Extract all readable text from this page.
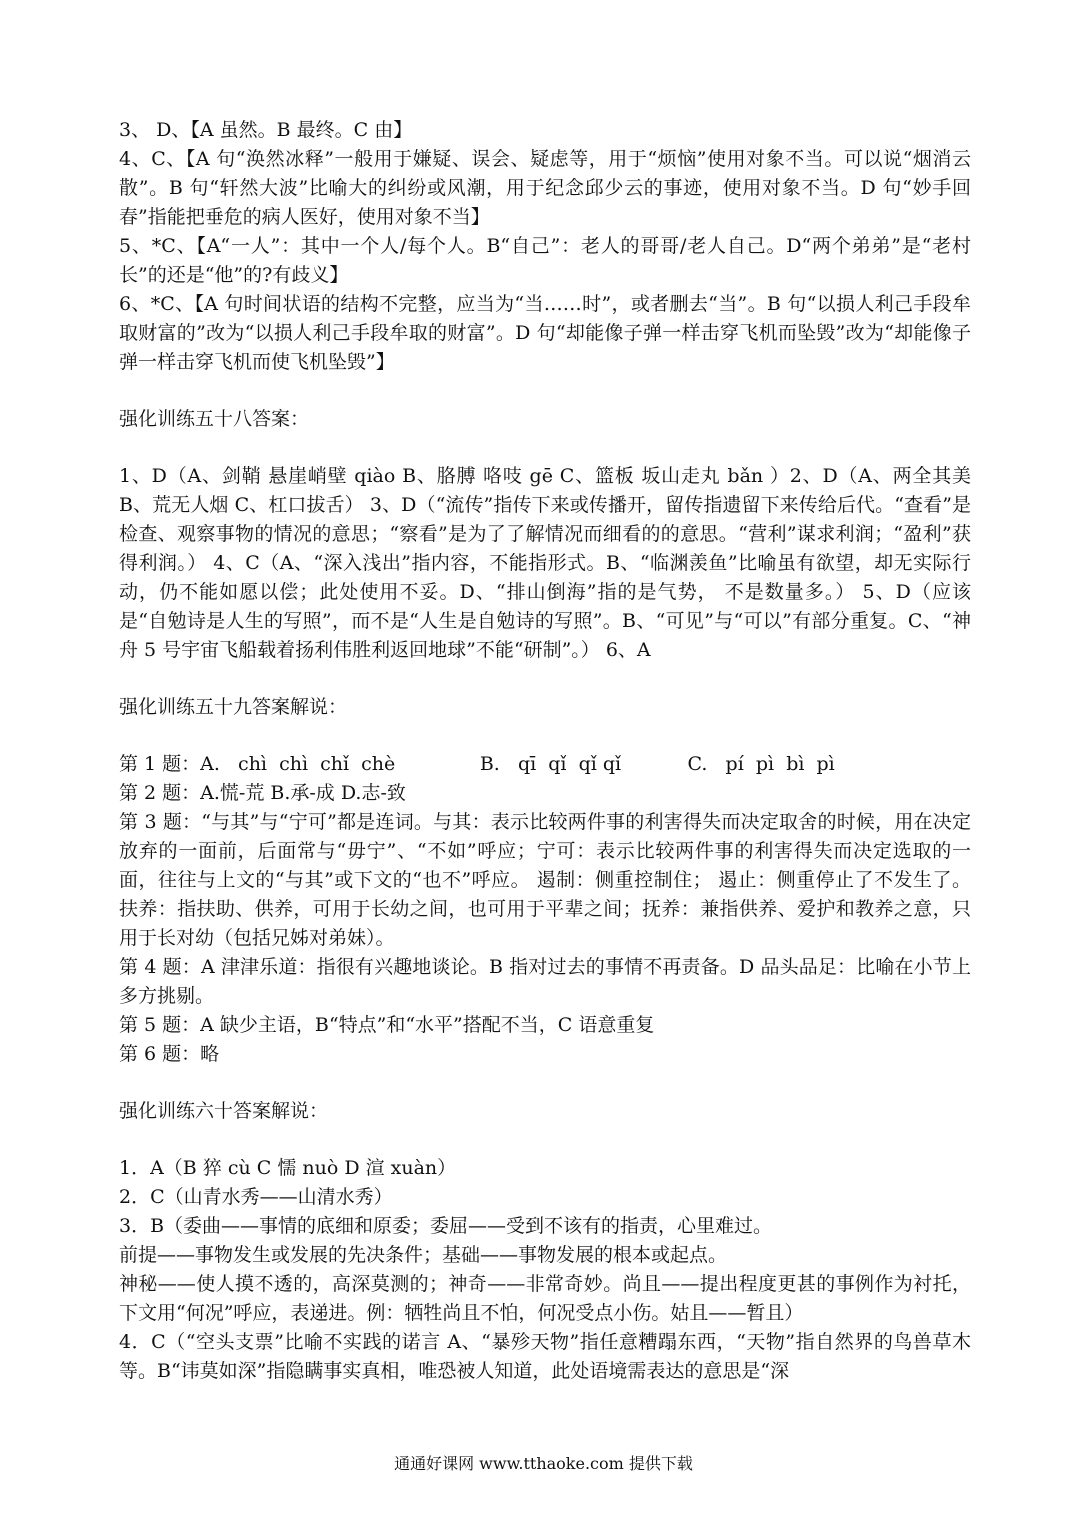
3、 D、【A 虽然。B 最终。C 由】

4、C、【A 句“涣然冰释”一般用于嫌疑、误会、疑虑等，用于“烦恼”使用对象不当。可以说“烟消云散”。B 句“轩然大波”比喻大的纠纷或风潮，用于纪念邱少云的事迹，使用对象不当。D 句“妙手回春”指能把垂危的病人医好，使用对象不当】

5、*C、【A“一人”：其中一个人/每个人。B“自己”：老人的哥哥/老人自己。D“两个弟弟”是“老村长”的还是“他”的?有歧义】

6、*C、【A 句时间状语的结构不完整，应当为“当……时”，或者删去“当”。B 句“以损人利己手段牟取财富的”改为“以损人利己手段牟取的财富”。D 句“却能像子弹一样击穿飞机而坠毁”改为“却能像子弹一样击穿飞机而使飞机坠毁”】

强化训练五十八答案：

1、D（A、剑鞘 悬崖峭壁 qiào B、胳膊 咯吱 gē C、篮板 坂山走丸 bǎn ）2、D（A、两全其美 B、荒无人烟 C、杠口拔舌） 3、D（“流传”指传下来或传播开，留传指遗留下来传给后代。“查看”是检查、观察事物的情况的意思；“察看”是为了了解情况而细看的的意思。“营利”谋求利润；“盈利”获得利润。） 4、C（A、“深入浅出”指内容，不能指形式。B、“临渊羡鱼”比喻虽有欲望，却无实际行动，仍不能如愿以偿；此处使用不妥。D、“排山倒海”指的是气势， 不是数量多。） 5、D（应该是“自勉诗是人生的写照”，而不是“人生是自勉诗的写照”。B、“可见”与“可以”有部分重复。C、“神舟 5 号宇宙飞船载着扬利伟胜利返回地球”不能“研制”。） 6、A

强化训练五十九答案解说：

第 1 题：A.   chì  chì  chǐ  chè              B.   qī  qǐ  qǐ qǐ           C.   pí  pì  bì  pì

第 2 题：A.慌-荒 B.承-成 D.志-致

第 3 题：“与其”与“宁可”都是连词。与其：表示比较两件事的利害得失而决定取舍的时候，用在决定放弃的一面前，后面常与“毋宁”、“不如”呼应；宁可：表示比较两件事的利害得失而决定选取的一面，往往与上文的“与其”或下文的“也不”呼应。 遏制：侧重控制住； 遏止：侧重停止了不发生了。 扶养：指扶助、供养，可用于长幼之间，也可用于平辈之间；抚养：兼指供养、爱护和教养之意，只用于长对幼（包括兄姊对弟妹）。

第 4 题：A 津津乐道：指很有兴趣地谈论。B 指对过去的事情不再责备。D 品头品足：比喻在小节上多方挑剔。

第 5 题：A 缺少主语，B“特点”和“水平”搭配不当，C 语意重复

第 6 题：略

强化训练六十答案解说：

1．A（B 猝 cù C 懦 nuò D 渲 xuàn）

2．C（山青水秀——山清水秀）

3．B（委曲——事情的底细和原委；委屈——受到不该有的指责，心里难过。

前提——事物发生或发展的先决条件；基础——事物发展的根本或起点。

神秘——使人摸不透的，高深莫测的；神奇——非常奇妙。尚且——提出程度更甚的事例作为衬托，下文用“何况”呼应，表递进。例：牺牲尚且不怕，何况受点小伤。姑且——暂且）

4．C（“空头支票”比喻不实践的诺言 A、“暴殄天物”指任意糟蹋东西，“天物”指自然界的鸟兽草木等。B“讳莫如深”指隐瞒事实真相，唯恐被人知道，此处语境需表达的意思是“深

通通好课网 www.tthaoke.com 提供下载
